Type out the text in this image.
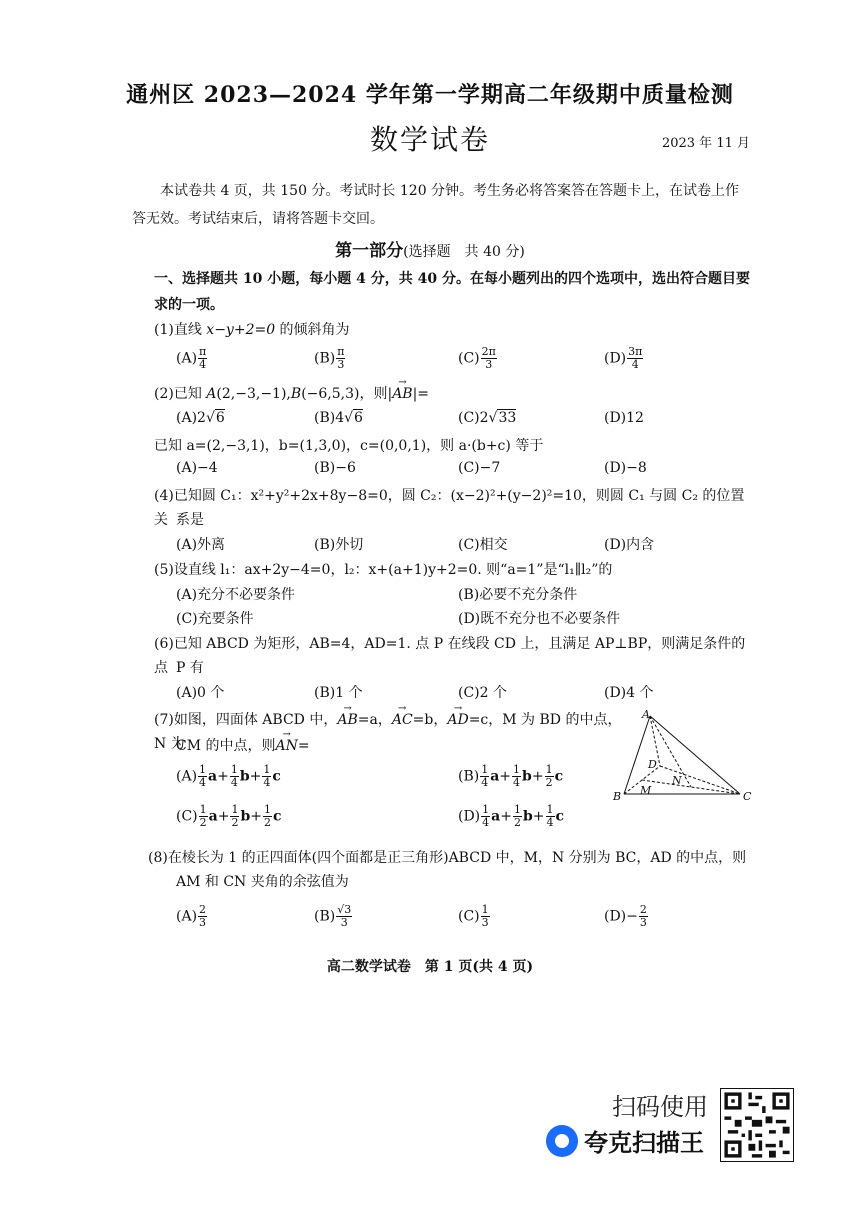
通州区 2023—2024 学年第一学期高二年级期中质量检测
数学试卷	2023 年 11 月
本试卷共 4 页，共 150 分。考试时长 120 分钟。考生务必将答案答在答题卡上，在试卷上作答无效。考试结束后，请将答题卡交回。
第一部分(选择题　共 40 分)
一、选择题共 10 小题，每小题 4 分，共 40 分。在每小题列出的四个选项中，选出符合题目要求的一项。
(1)直线 x−y+2=0 的倾斜角为
$(A) \frac{\pi}{4}$	$(B) \frac{\pi}{3}$	$(C) \frac{2\pi}{3}$	$(D) \frac{3\pi}{4}$
(2)已知 A(2,−3,−1),B(−6,5,3)，则|→ AB|=
(A)2√6	(B)4√6	(C)2√33	(D)12
已知 a=(2,−3,1)，b=(1,3,0)，c=(0,0,1)，则 a·(b+c) 等于
(A)−4	(B)−6	(C)−7	(D)−8
(4)已知圆 C₁：x²+y²+2x+8y−8=0，圆 C₂：(x−2)²+(y−2)²=10，则圆 C₁ 与圆 C₂ 的位置关 系是
(A)外离	(B)外切	(C)相交	(D)内含
(5)设直线 l₁：ax+2y−4=0，l₂：x+(a+1)y+2=0. 则“a=1”是“l₁∥l₂”的
(A)充分不必要条件	(B)必要不充分条件
(C)充要条件	(D)既不充分也不必要条件
(6)已知 ABCD 为矩形，AB=4，AD=1. 点 P 在线段 CD 上，且满足 AP⊥BP，则满足条件的点 P 有
(A)0 个	(B)1 个	(C)2 个	(D)4 个
(7)如图，四面体 ABCD 中，→ AB=a，→ AC=b，→ AD=c，M 为 BD 的中点，N 为
CM 的中点，则→ AN=
$(A) \frac{1}{4} a+ \frac{1}{4} b+ \frac{1}{4}$ c	$(B) \frac{1}{4} a+ \frac{1}{4} b+ \frac{1}{2}$ c
$(C) \frac{1}{2} a+ \frac{1}{2} b+ \frac{1}{2}$ c	$(D) \frac{1}{4} a+ \frac{1}{2} b+ \frac{1}{4}$ c
A
B	C
D
M
N
(8)在棱长为 1 的正四面体(四个面都是正三角形)ABCD 中，M，N 分别为 BC，AD 的中点，则
AM 和 CN 夹角的余弦值为
$(A) \frac{2}{3}$	$(B) \frac{√3}{3}$	$(C) \frac{1}{3}$	$(D)- \frac{2}{3}$
高二数学试卷　第 1 页(共 4 页)
扫码使用
夸克扫描王
